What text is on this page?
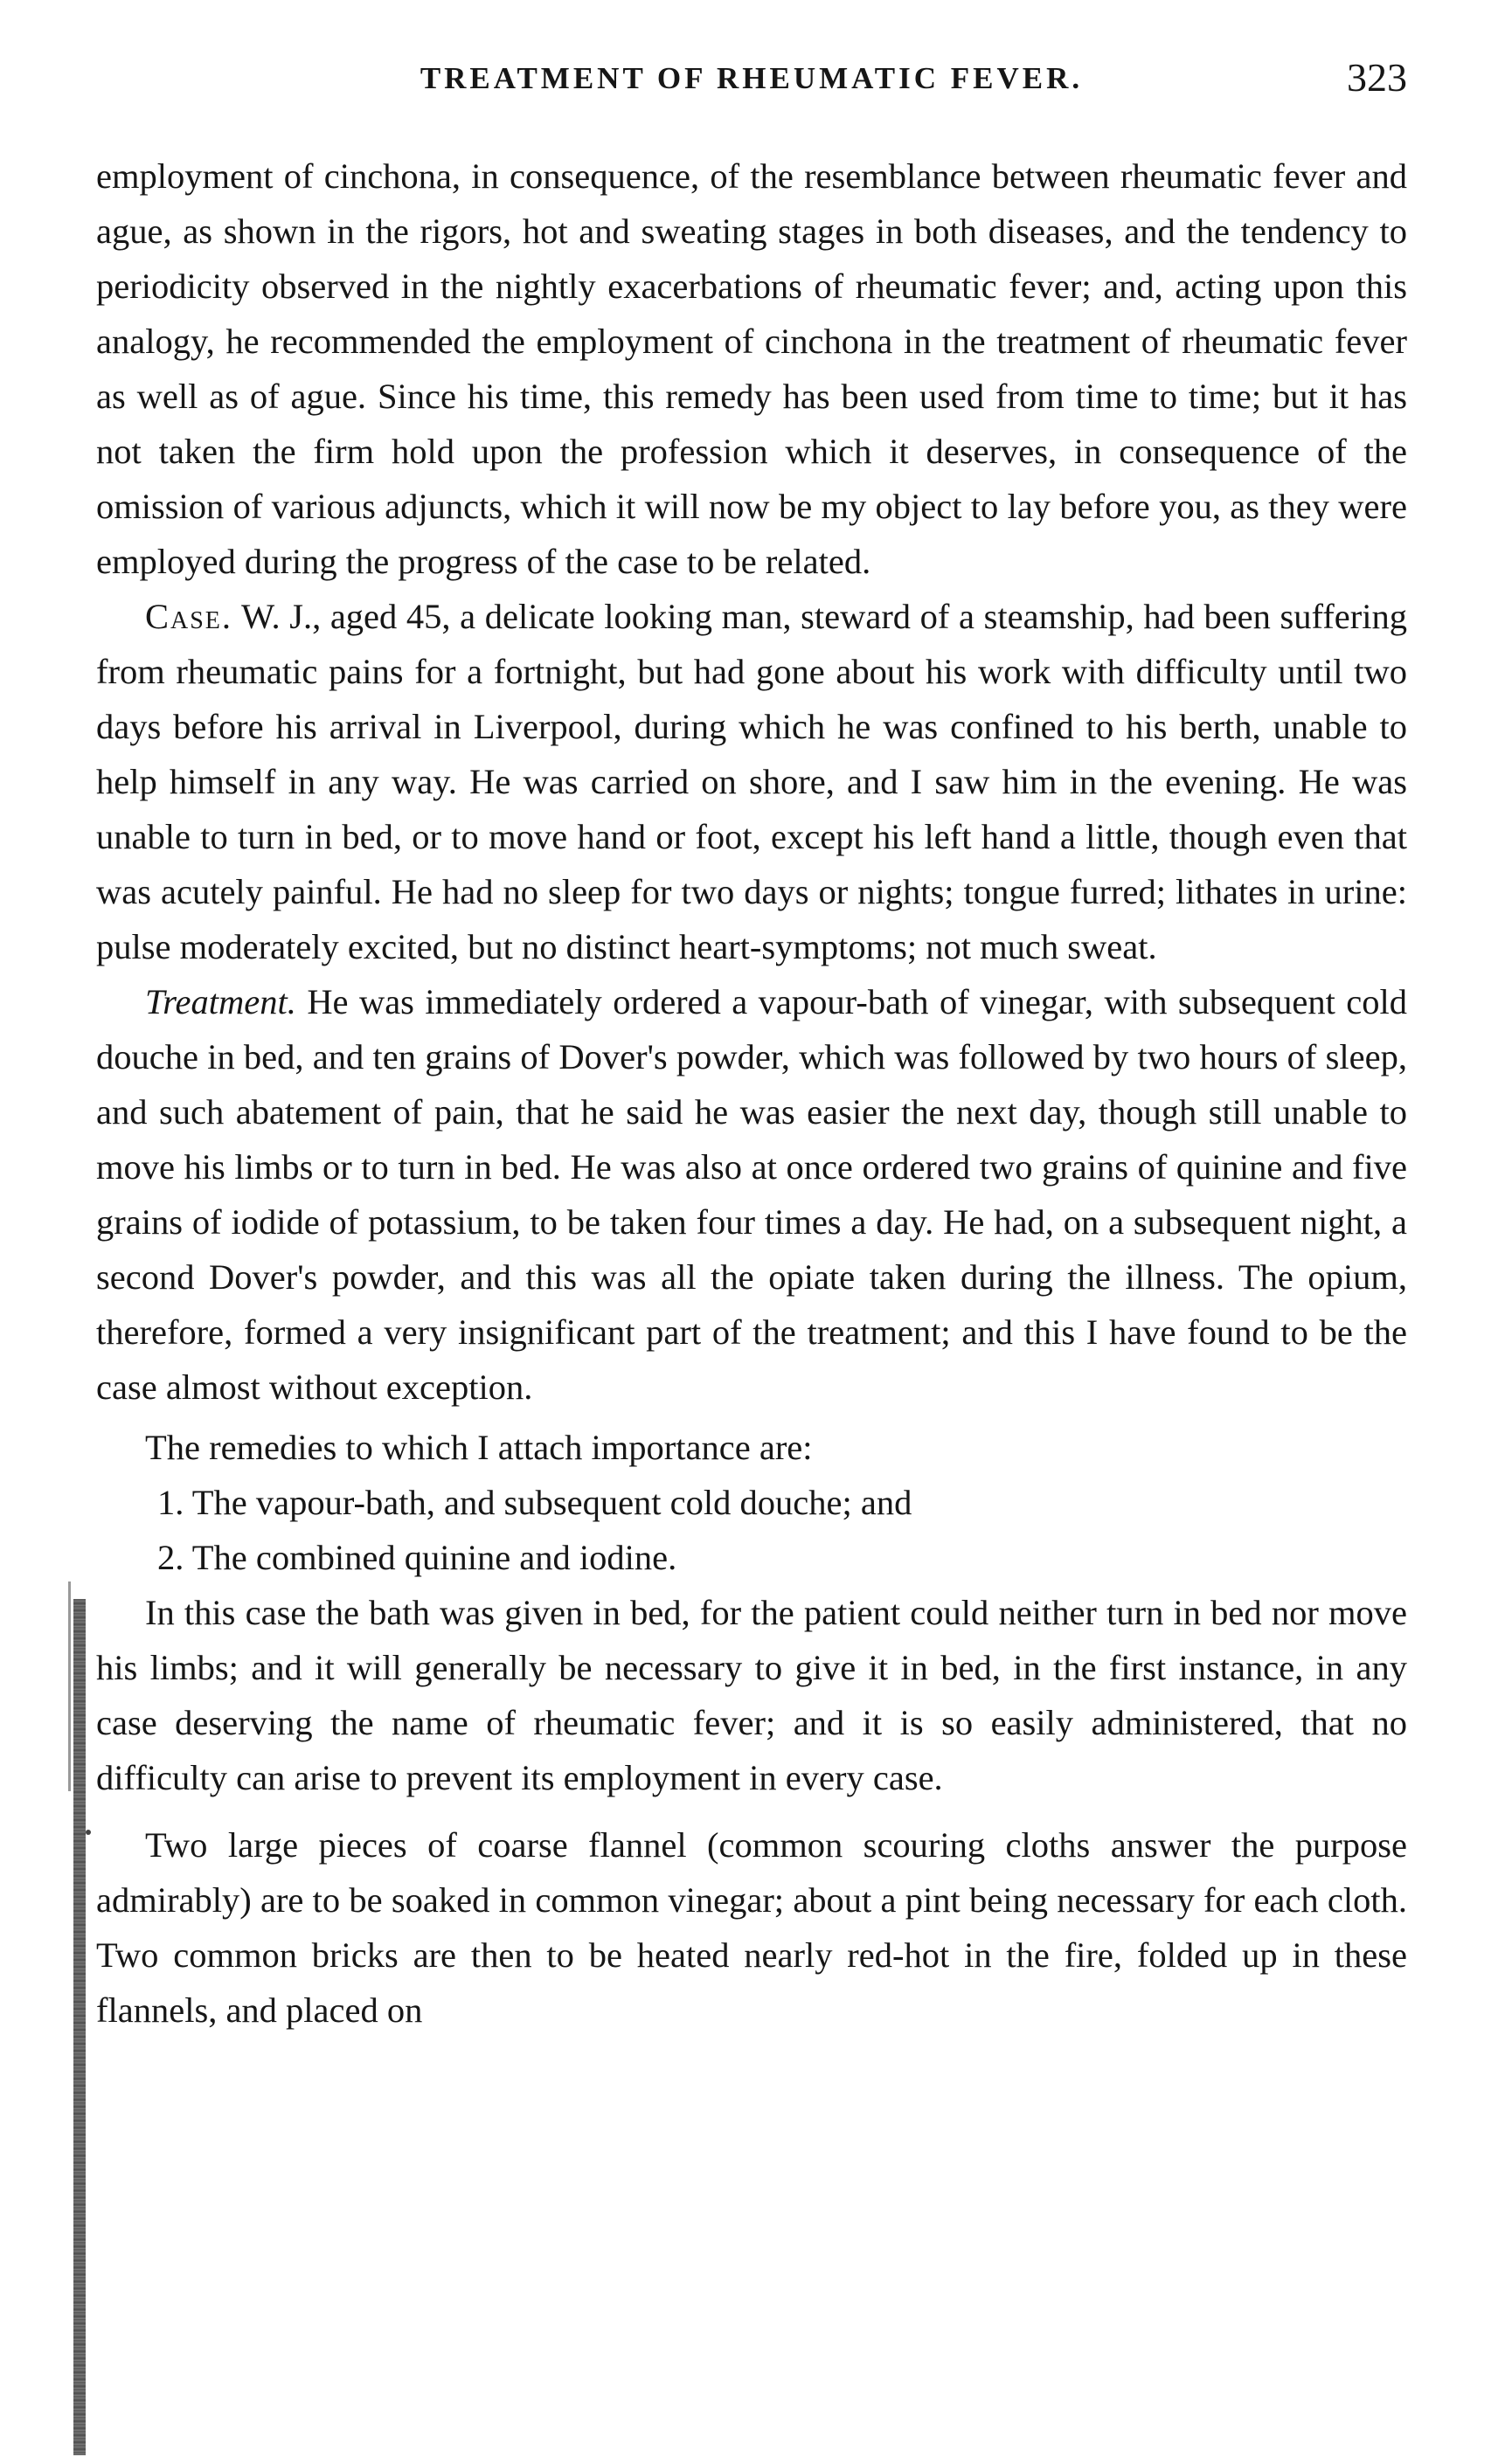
TREATMENT OF RHEUMATIC FEVER.	323

employment of cinchona, in consequence, of the resemblance between rheumatic fever and ague, as shown in the rigors, hot and sweating stages in both diseases, and the tendency to periodicity observed in the nightly exacerbations of rheumatic fever; and, acting upon this analogy, he recommended the employment of cinchona in the treatment of rheumatic fever as well as of ague. Since his time, this remedy has been used from time to time; but it has not taken the firm hold upon the profession which it deserves, in consequence of the omission of various adjuncts, which it will now be my object to lay before you, as they were employed during the progress of the case to be related.

Case. W. J., aged 45, a delicate looking man, steward of a steamship, had been suffering from rheumatic pains for a fortnight, but had gone about his work with difficulty until two days before his arrival in Liverpool, during which he was confined to his berth, unable to help himself in any way. He was carried on shore, and I saw him in the evening. He was unable to turn in bed, or to move hand or foot, except his left hand a little, though even that was acutely painful. He had no sleep for two days or nights; tongue furred; lithates in urine: pulse moderately excited, but no distinct heart-symptoms; not much sweat.

Treatment. He was immediately ordered a vapour-bath of vinegar, with subsequent cold douche in bed, and ten grains of Dover's powder, which was followed by two hours of sleep, and such abatement of pain, that he said he was easier the next day, though still unable to move his limbs or to turn in bed. He was also at once ordered two grains of quinine and five grains of iodide of potassium, to be taken four times a day. He had, on a subsequent night, a second Dover's powder, and this was all the opiate taken during the illness. The opium, therefore, formed a very insignificant part of the treatment; and this I have found to be the case almost without exception.

The remedies to which I attach importance are:

1. The vapour-bath, and subsequent cold douche; and

2. The combined quinine and iodine.

In this case the bath was given in bed, for the patient could neither turn in bed nor move his limbs; and it will generally be necessary to give it in bed, in the first instance, in any case deserving the name of rheumatic fever; and it is so easily administered, that no difficulty can arise to prevent its employment in every case.

Two large pieces of coarse flannel (common scouring cloths answer the purpose admirably) are to be soaked in common vinegar; about a pint being necessary for each cloth. Two common bricks are then to be heated nearly red-hot in the fire, folded up in these flannels, and placed on
